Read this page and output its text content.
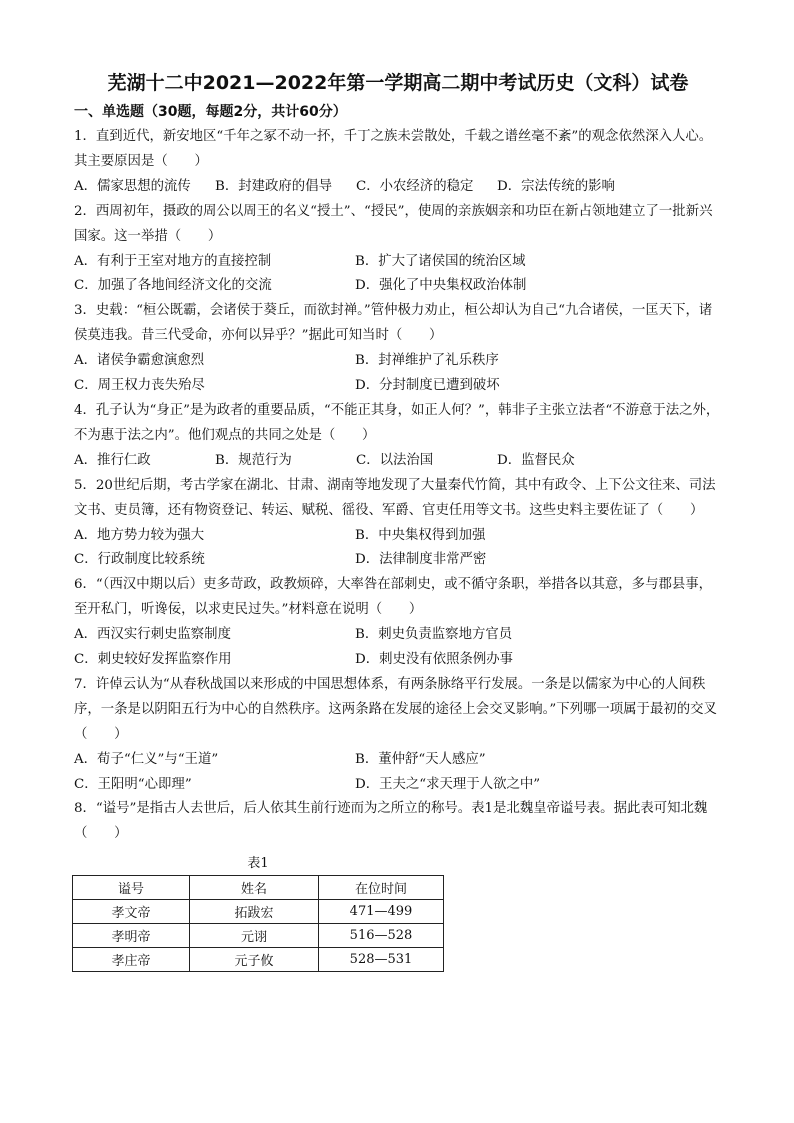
芜湖十二中2021—2022年第一学期高二期中考试历史（文科）试卷
一、单选题（30题，每题2分，共计60分）
1．直到近代，新安地区“千年之冢不动一抔，千丁之族未尝散处，千载之谱丝毫不紊”的观念依然深入人心。其主要原因是（　　）
A．儒家思想的流传	B．封建政府的倡导	C．小农经济的稳定	D．宗法传统的影响
2．西周初年，摄政的周公以周王的名义“授土”、“授民”，使周的亲族姻亲和功臣在新占领地建立了一批新兴国家。这一举措（　　）
A．有利于王室对地方的直接控制	B．扩大了诸侯国的统治区域
C．加强了各地间经济文化的交流	D．强化了中央集权政治体制
3．史载：“桓公既霸，会诸侯于葵丘，而欲封禅。”管仲极力劝止，桓公却认为自己“九合诸侯，一匡天下，诸侯莫违我。昔三代受命，亦何以异乎？”据此可知当时（　　）
A．诸侯争霸愈演愈烈	B．封禅维护了礼乐秩序
C．周王权力丧失殆尽	D．分封制度已遭到破坏
4．孔子认为“身正”是为政者的重要品质，“不能正其身，如正人何？”，韩非子主张立法者“不游意于法之外，不为惠于法之内”。他们观点的共同之处是（　　）
A．推行仁政	B．规范行为	C．以法治国	D．监督民众
5．20世纪后期，考古学家在湖北、甘肃、湖南等地发现了大量秦代竹简，其中有政令、上下公文往来、司法文书、吏员簿，还有物资登记、转运、赋税、徭役、军爵、官吏任用等文书。这些史料主要佐证了（　　）
A．地方势力较为强大	B．中央集权得到加强
C．行政制度比较系统	D．法律制度非常严密
6．“（西汉中期以后）吏多苛政，政教烦碎，大率咎在部刺史，或不循守条职，举措各以其意，多与郡县事，至开私门，听谗佞，以求吏民过失。”材料意在说明（　　）
A．西汉实行刺史监察制度	B．刺史负责监察地方官员
C．刺史较好发挥监察作用	D．刺史没有依照条例办事
7．许倬云认为“从春秋战国以来形成的中国思想体系，有两条脉络平行发展。一条是以儒家为中心的人间秩序，一条是以阴阳五行为中心的自然秩序。这两条路在发展的途径上会交叉影响。”下列哪一项属于最初的交叉（　　）
A．荀子“仁义”与“王道”	B．董仲舒“天人感应”
C．王阳明“心即理”	D．王夫之“求天理于人欲之中”
8．“谥号”是指古人去世后，后人依其生前行迹而为之所立的称号。表1是北魏皇帝谥号表。据此表可知北魏（　　）
表1
谥号	姓名	在位时间
孝文帝	拓跋宏	471—499
孝明帝	元诩	516—528
孝庄帝	元子攸	528—531
